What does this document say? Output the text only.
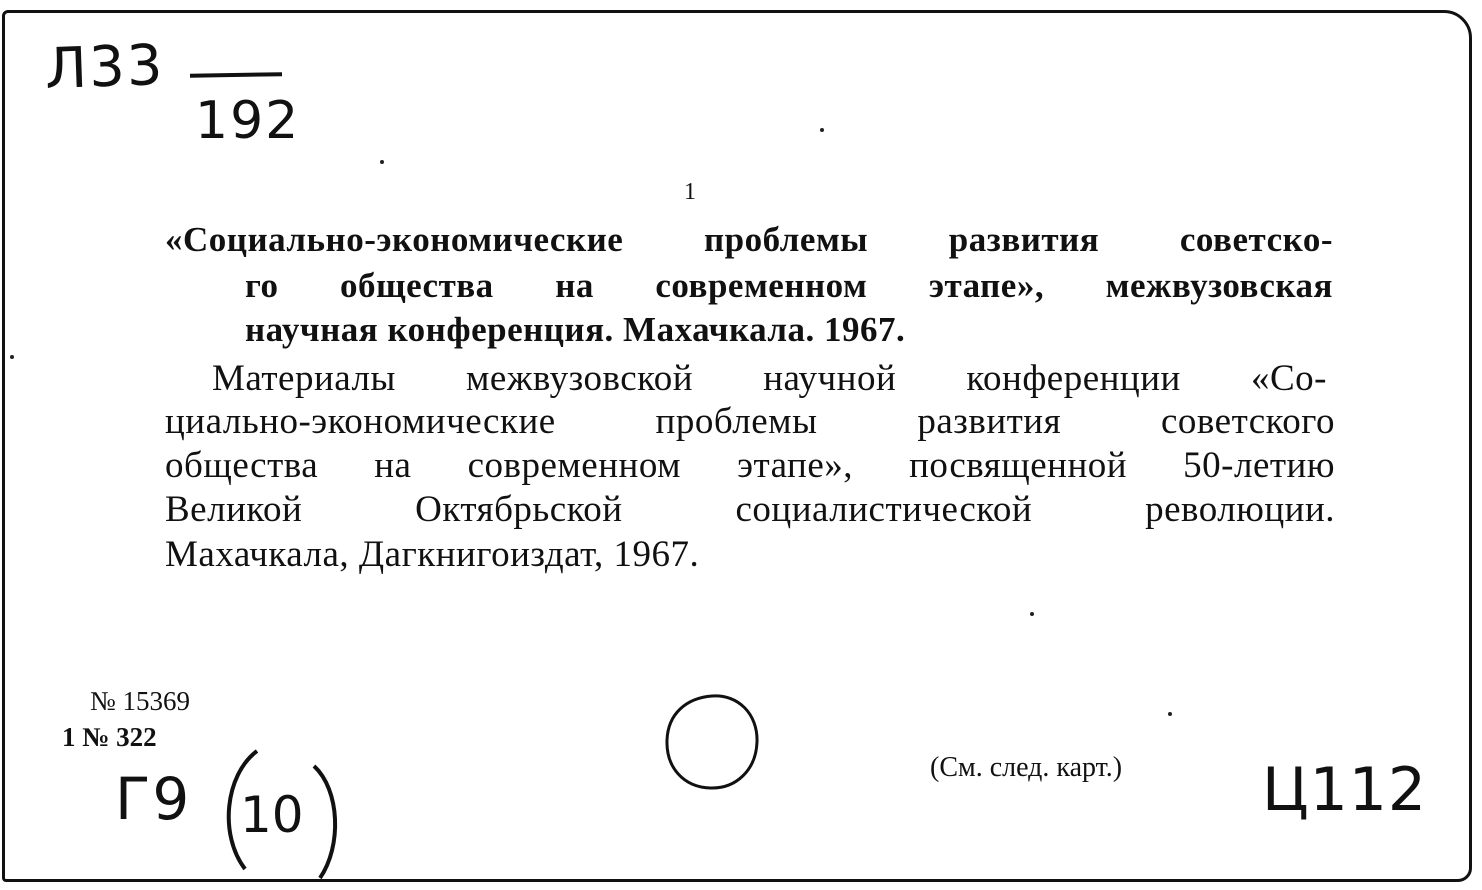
Л33
192
1
«Социально-экономические проблемы развития советско-
го общества на современном этапе», межвузовская
научная конференция. Махачкала. 1967.
Материалы межвузовской научной конференции «Со-
циально-экономические проблемы развития советского
общества на современном этапе», посвященной 50-летию
Великой Октябрьской социалистической революции.
Махачкала, Дагкнигоиздат, 1967.
№ 15369
1 № 322
(См. след. карт.)
Г9 10	Ц112
